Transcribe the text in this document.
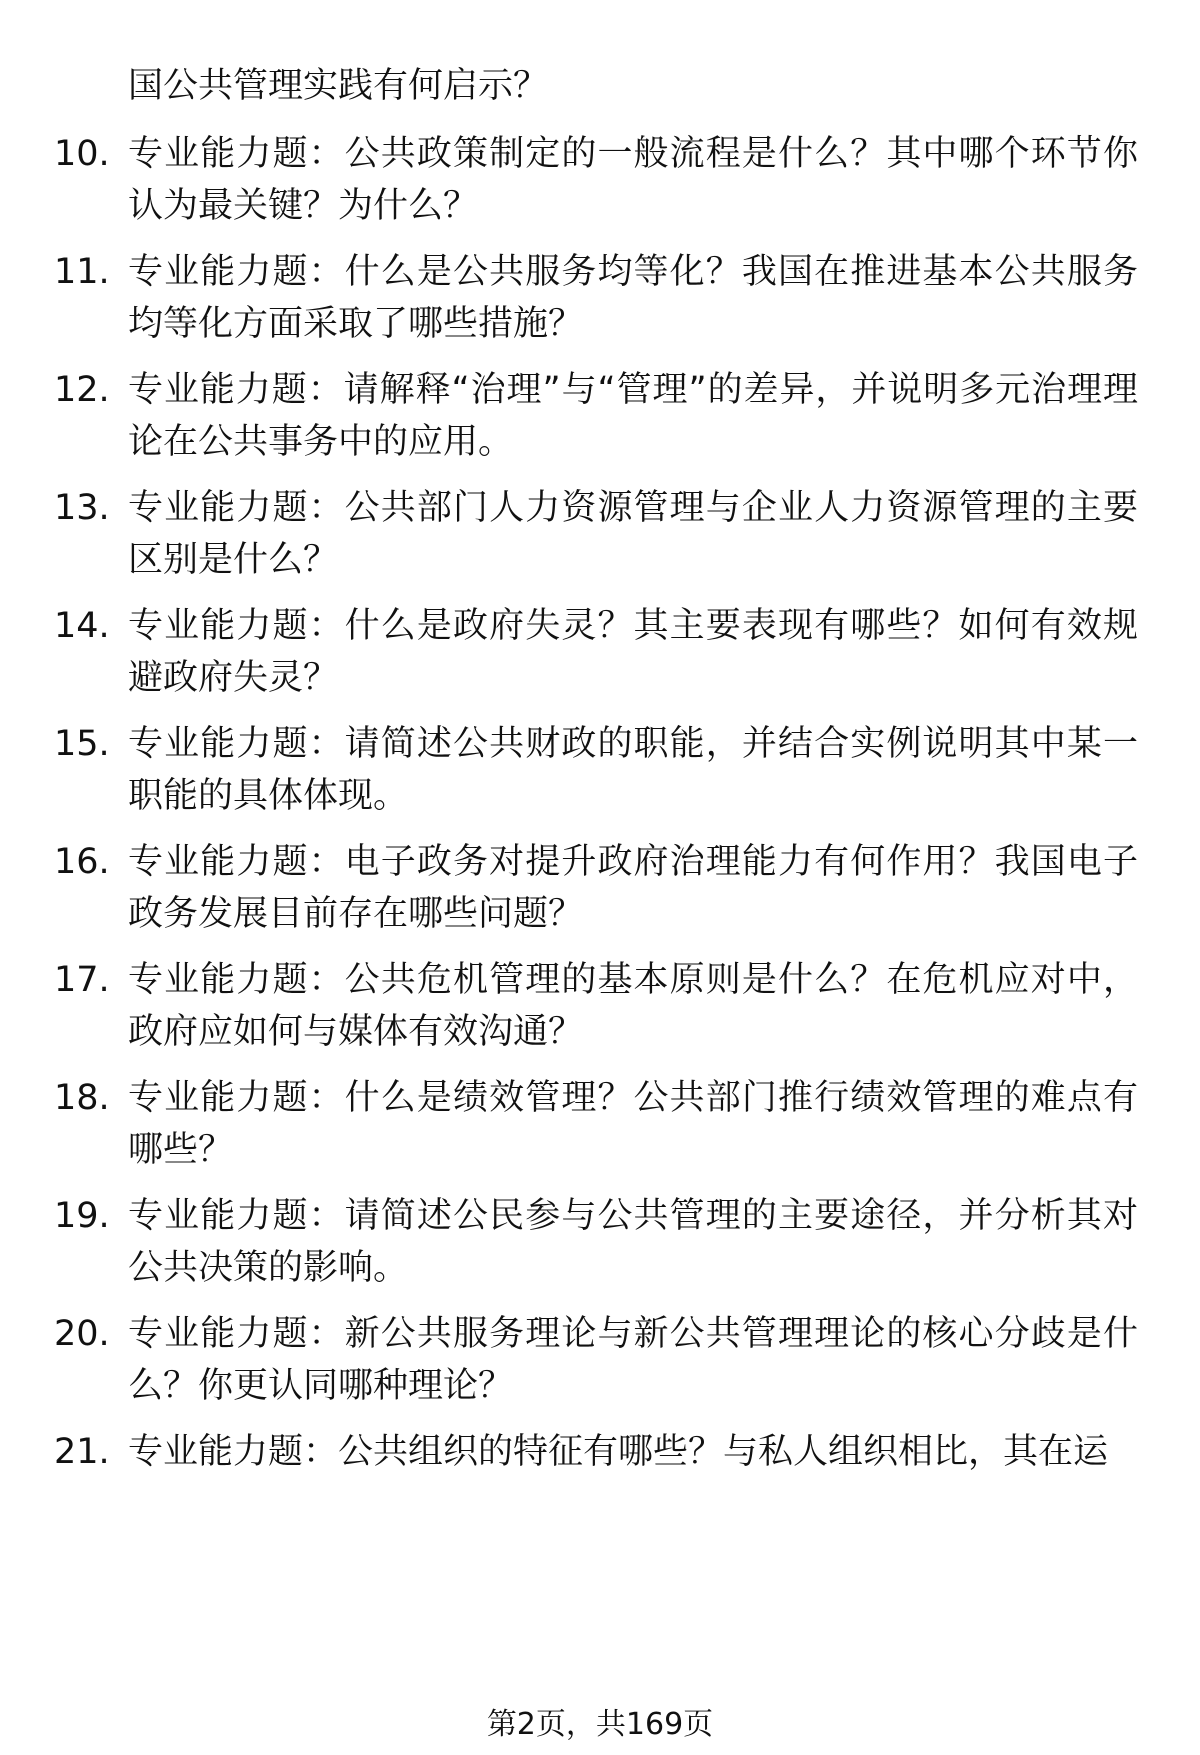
国公共管理实践有何启示？
10. 专业能力题：公共政策制定的一般流程是什么？其中哪个环节你认为最关键？为什么？
11. 专业能力题：什么是公共服务均等化？我国在推进基本公共服务均等化方面采取了哪些措施？
12. 专业能力题：请解释“治理”与“管理”的差异，并说明多元治理理论在公共事务中的应用。
13. 专业能力题：公共部门人力资源管理与企业人力资源管理的主要区别是什么？
14. 专业能力题：什么是政府失灵？其主要表现有哪些？如何有效规避政府失灵？
15. 专业能力题：请简述公共财政的职能，并结合实例说明其中某一职能的具体体现。
16. 专业能力题：电子政务对提升政府治理能力有何作用？我国电子政务发展目前存在哪些问题？
17. 专业能力题：公共危机管理的基本原则是什么？在危机应对中，政府应如何与媒体有效沟通？
18. 专业能力题：什么是绩效管理？公共部门推行绩效管理的难点有哪些？
19. 专业能力题：请简述公民参与公共管理的主要途径，并分析其对公共决策的影响。
20. 专业能力题：新公共服务理论与新公共管理理论的核心分歧是什么？你更认同哪种理论？
21. 专业能力题：公共组织的特征有哪些？与私人组织相比，其在运
第2页，共169页
